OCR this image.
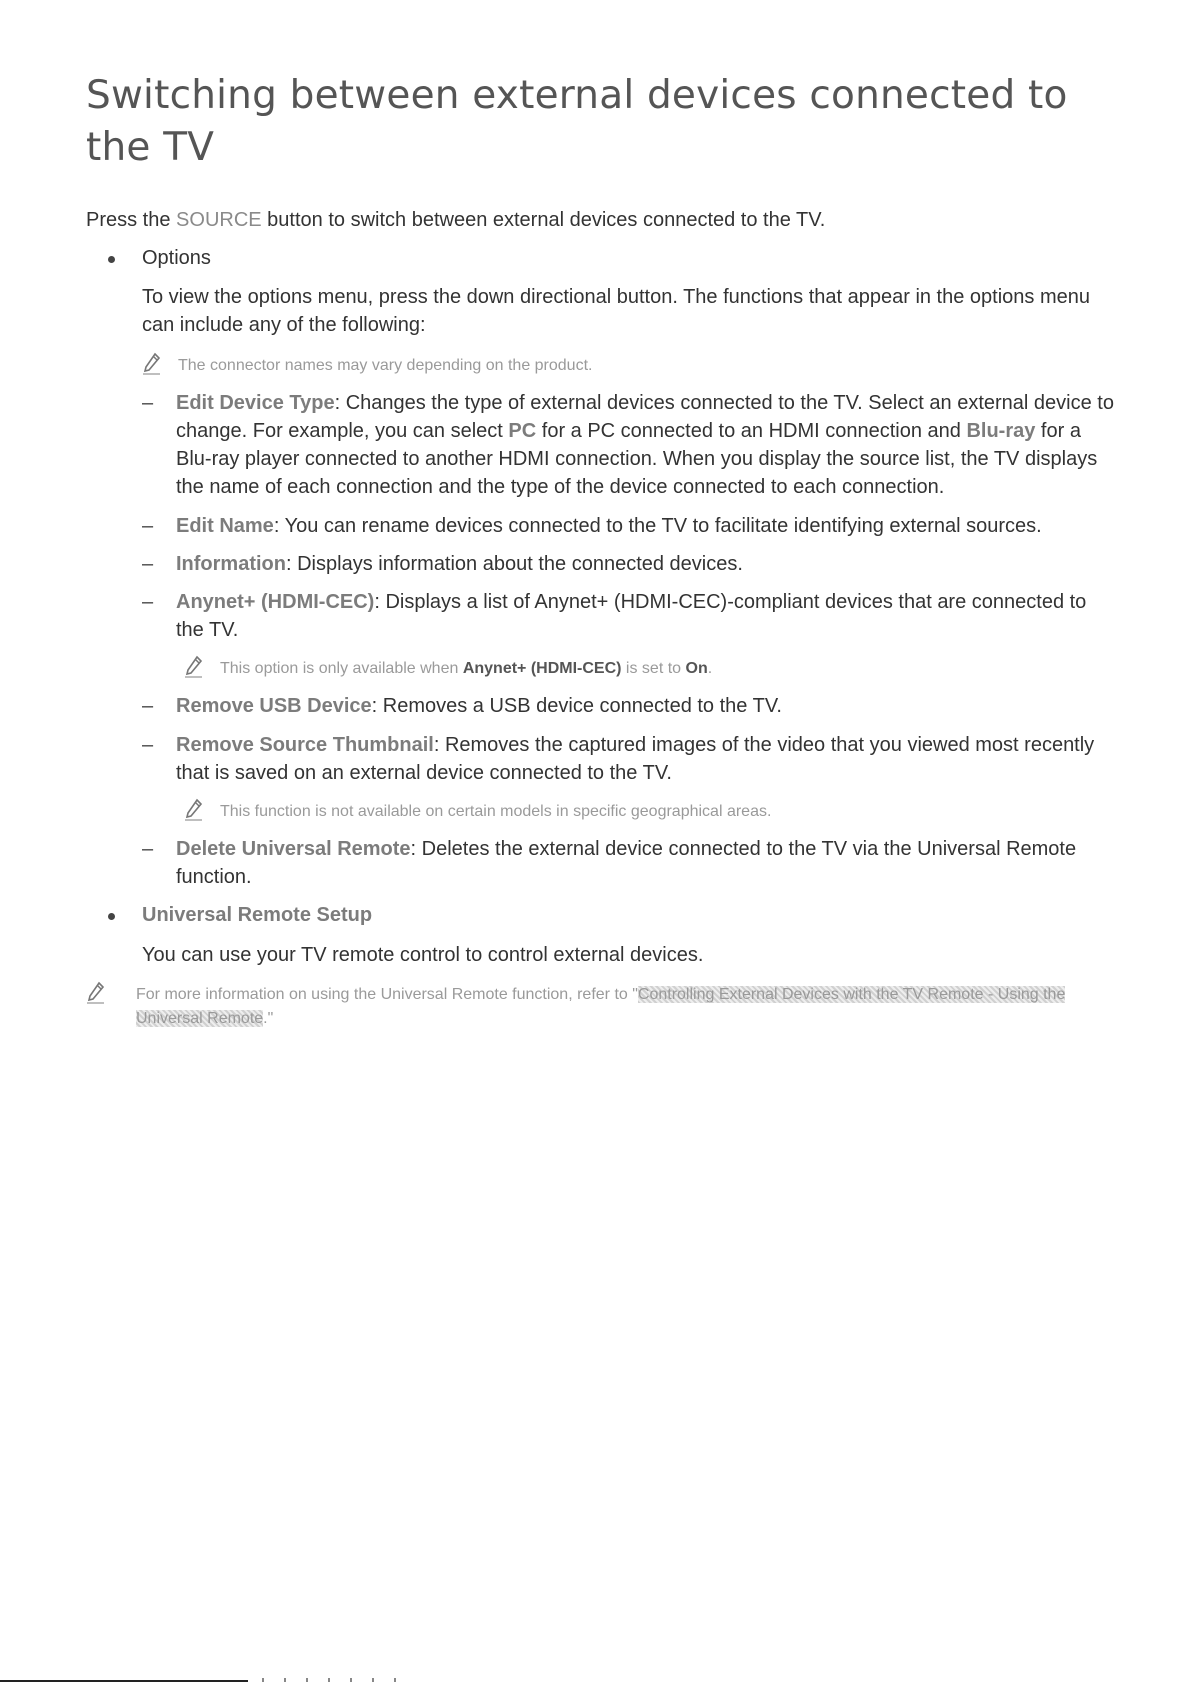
Switching between external devices connected to the TV

Press the SOURCE button to switch between external devices connected to the TV.

Options

To view the options menu, press the down directional button. The functions that appear in the options menu can include any of the following:

The connector names may vary depending on the product.
– Edit Device Type: Changes the type of external devices connected to the TV. Select an external device to change. For example, you can select PC for a PC connected to an HDMI connection and Blu-ray for a Blu-ray player connected to another HDMI connection. When you display the source list, the TV displays the name of each connection and the type of the device connected to each connection.
– Edit Name: You can rename devices connected to the TV to facilitate identifying external sources.
– Information: Displays information about the connected devices.
– Anynet+ (HDMI-CEC): Displays a list of Anynet+ (HDMI-CEC)-compliant devices that are connected to the TV.
This option is only available when Anynet+ (HDMI-CEC) is set to On.
– Remove USB Device: Removes a USB device connected to the TV.
– Remove Source Thumbnail: Removes the captured images of the video that you viewed most recently that is saved on an external device connected to the TV.
This function is not available on certain models in specific geographical areas.
– Delete Universal Remote: Deletes the external device connected to the TV via the Universal Remote function.
Universal Remote Setup

You can use your TV remote control to control external devices.

For more information on using the Universal Remote function, refer to "Controlling External Devices with the TV Remote - Using the Universal Remote."
